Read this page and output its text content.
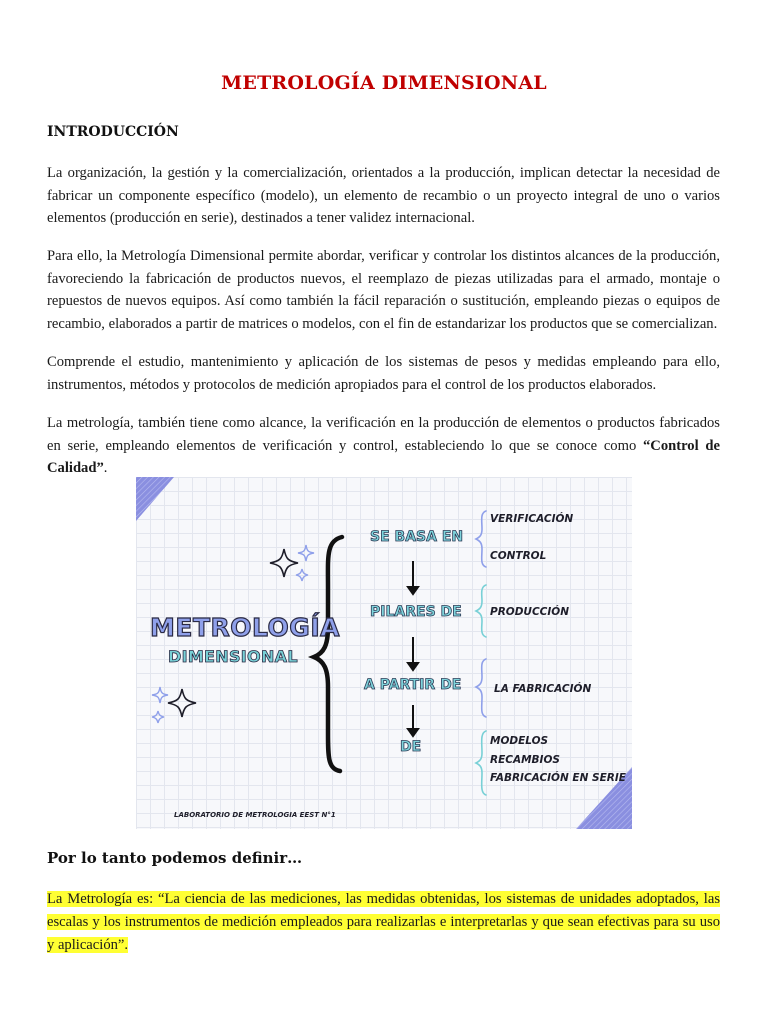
METROLOGÍA DIMENSIONAL
INTRODUCCIÓN

La organización, la gestión y la comercialización, orientados a la producción, implican detectar la necesidad de fabricar un componente específico (modelo), un elemento de recambio o un proyecto integral de uno o varios elementos (producción en serie), destinados a tener validez internacional.

Para ello, la Metrología Dimensional permite abordar, verificar y controlar los distintos alcances de la producción, favoreciendo la fabricación de productos nuevos, el reemplazo de piezas utilizadas para el armado, montaje o repuestos de nuevos equipos. Así como también la fácil reparación o sustitución, empleando piezas o equipos de recambio, elaborados a partir de matrices o modelos, con el fin de estandarizar los productos que se comercializan.

Comprende el estudio, mantenimiento y aplicación de los sistemas de pesos y medidas empleando para ello, instrumentos, métodos y protocolos de medición apropiados para el control de los productos elaborados.

La metrología, también tiene como alcance, la verificación en la producción de elementos o productos fabricados en serie, empleando elementos de verificación y control, estableciendo lo que se conoce como “Control de Calidad”.

METROLOGÍA
DIMENSIONAL
SE BASA EN
PILARES DE
A PARTIR DE
DE
VERIFICACIÓN
CONTROL
PRODUCCIÓN
LA FABRICACIÓN
MODELOS
RECAMBIOS
FABRICACIÓN EN SERIE
LABORATORIO DE METROLOGIA EEST N°1
Por lo tanto podemos definir…

La Metrología es: “La ciencia de las mediciones, las medidas obtenidas, los sistemas de unidades adoptados, las escalas y los instrumentos de medición empleados para realizarlas e interpretarlas y que sean efectivas para su uso y aplicación”.
